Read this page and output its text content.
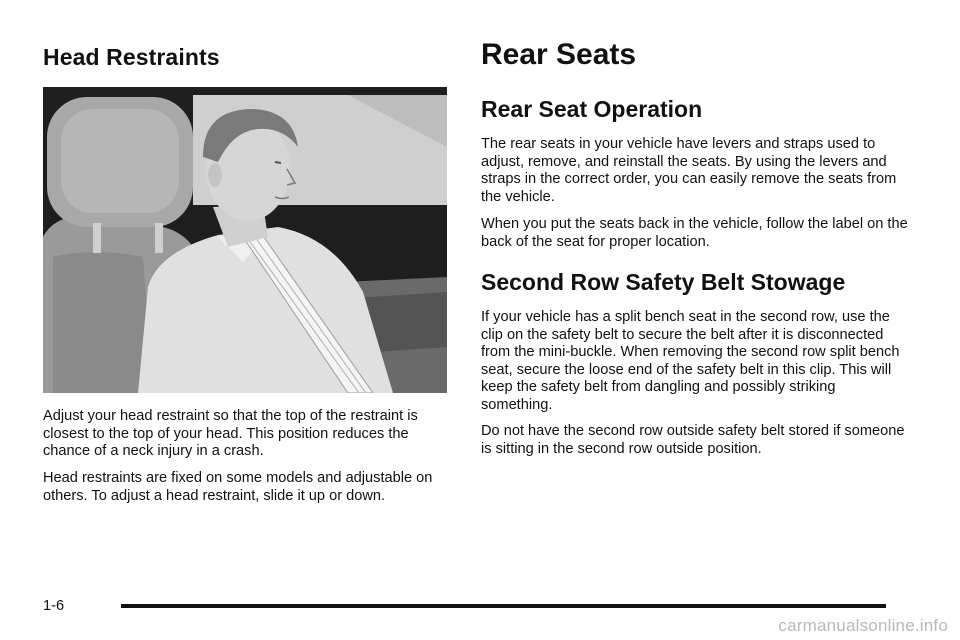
Head Restraints

Adjust your head restraint so that the top of the restraint is closest to the top of your head. This position reduces the chance of a neck injury in a crash.

Head restraints are fixed on some models and adjustable on others. To adjust a head restraint, slide it up or down.

Rear Seats
Rear Seat Operation

The rear seats in your vehicle have levers and straps used to adjust, remove, and reinstall the seats. By using the levers and straps in the correct order, you can easily remove the seats from the vehicle.

When you put the seats back in the vehicle, follow the label on the back of the seat for proper location.

Second Row Safety Belt Stowage

If your vehicle has a split bench seat in the second row, use the clip on the safety belt to secure the belt after it is disconnected from the mini-buckle. When removing the second row split bench seat, secure the loose end of the safety belt in this clip. This will keep the safety belt from dangling and possibly striking something.

Do not have the second row outside safety belt stored if someone is sitting in the second row outside position.

1-6
carmanualsonline.info
